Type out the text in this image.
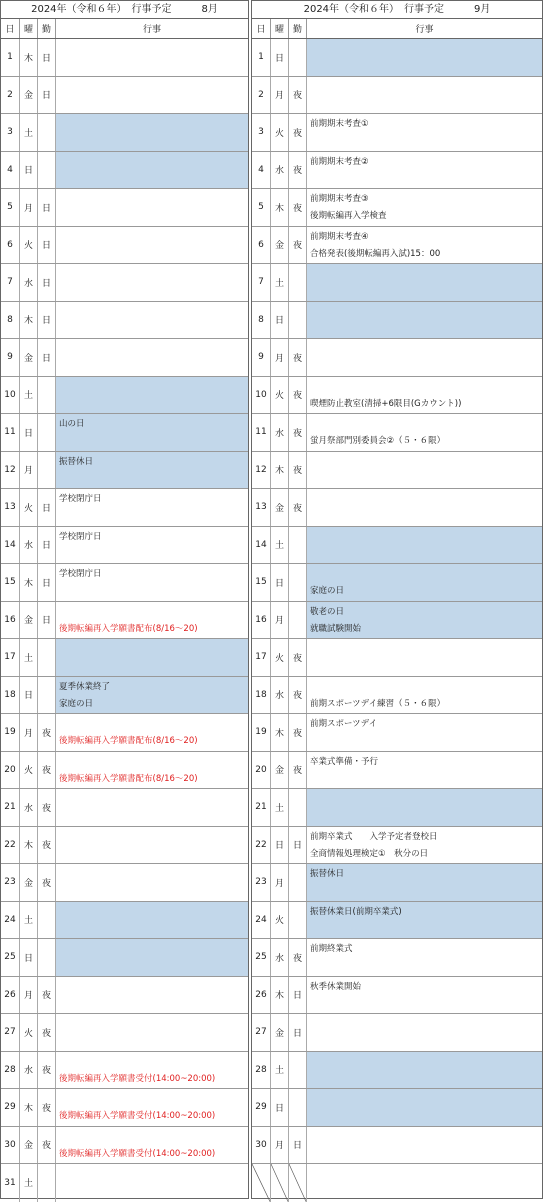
2024年（令和６年）　行事予定　　　8月
日	曜 勤	行事
1	木 日
2	金 日
3	土
4	日
5	月 日
6	火 日
7	水 日
8	木 日
9	金 日
10 土
11 日
山の日
12 月
振替休日
13 火 日
学校閉庁日
14 水 日
学校閉庁日
15 木 日
学校閉庁日
16 金 日
後期転編再入学願書配布(8/16～20)
17 土
18 日
夏季休業終了
家庭の日
19 月 夜
後期転編再入学願書配布(8/16～20)
20 火 夜
後期転編再入学願書配布(8/16～20)
21 水 夜
22 木 夜
23 金 夜
24 土
25 日
26 月 夜
27 火 夜
28 水 夜
後期転編再入学願書受付(14:00~20:00)
29 木 夜
後期転編再入学願書受付(14:00~20:00)
30 金 夜
後期転編再入学願書受付(14:00~20:00)
31 土
2024年（令和６年）　行事予定　　　9月
日	曜 勤	行事
1	日
2	月 夜
3	火 夜
前期期末考査①
4	水 夜
前期期末考査②
5	木 夜
前期期末考査③
後期転編再入学検査
6	金 夜
前期期末考査④
合格発表(後期転編再入試)15：00
7	土
8	日
9	月 夜
10 火 夜
喫煙防止教室(清掃+6限目(Gカウント))
11 水 夜
蛍月祭部門別委員会②（５・６限）
12 木 夜
13 金 夜
14 土
15 日
家庭の日
16 月
敬老の日
就職試験開始
17 火 夜
18 水 夜
前期スポーツデイ練習（５・６限）
19 木 夜
前期スポーツデイ
20 金 夜
卒業式準備・予行
21 土
22 日 日
前期卒業式　　入学予定者登校日
全商情報処理検定①　秋分の日
23 月
振替休日
24 火
振替休業日(前期卒業式)
25 水 夜
前期終業式
26 木 日
秋季休業開始
27 金 日
28 土
29 日
30 月 日
